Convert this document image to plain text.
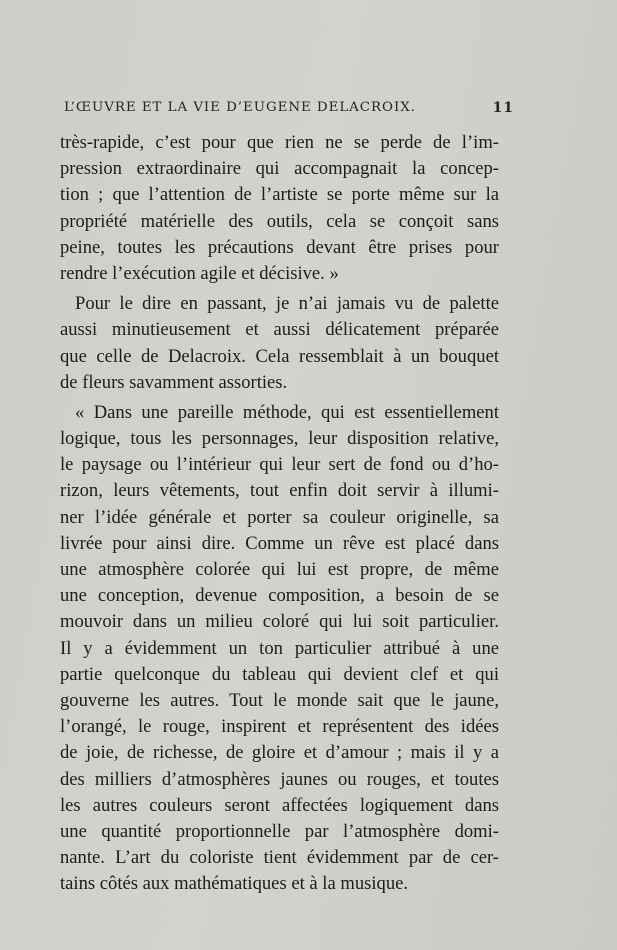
L’ŒUVRE ET LA VIE D’EUGENE DELACROIX.	11
très-rapide, c’est pour que rien ne se perde de l’im-
pression extraordinaire qui accompagnait la concep-
tion ; que l’attention de l’artiste se porte même sur la
propriété matérielle des outils, cela se conçoit sans
peine, toutes les précautions devant être prises pour
rendre l’exécution agile et décisive. »
Pour le dire en passant, je n’ai jamais vu de palette
aussi minutieusement et aussi délicatement préparée
que celle de Delacroix. Cela ressemblait à un bouquet
de fleurs savamment assorties.
« Dans une pareille méthode, qui est essentiellement
logique, tous les personnages, leur disposition relative,
le paysage ou l’intérieur qui leur sert de fond ou d’ho-
rizon, leurs vêtements, tout enfin doit servir à illumi-
ner l’idée générale et porter sa couleur originelle, sa
livrée pour ainsi dire. Comme un rêve est placé dans
une atmosphère colorée qui lui est propre, de même
une conception, devenue composition, a besoin de se
mouvoir dans un milieu coloré qui lui soit particulier.
Il y a évidemment un ton particulier attribué à une
partie quelconque du tableau qui devient clef et qui
gouverne les autres. Tout le monde sait que le jaune,
l’orangé, le rouge, inspirent et représentent des idées
de joie, de richesse, de gloire et d’amour ; mais il y a
des milliers d’atmosphères jaunes ou rouges, et toutes
les autres couleurs seront affectées logiquement dans
une quantité proportionnelle par l’atmosphère domi-
nante. L’art du coloriste tient évidemment par de cer-
tains côtés aux mathématiques et à la musique.
